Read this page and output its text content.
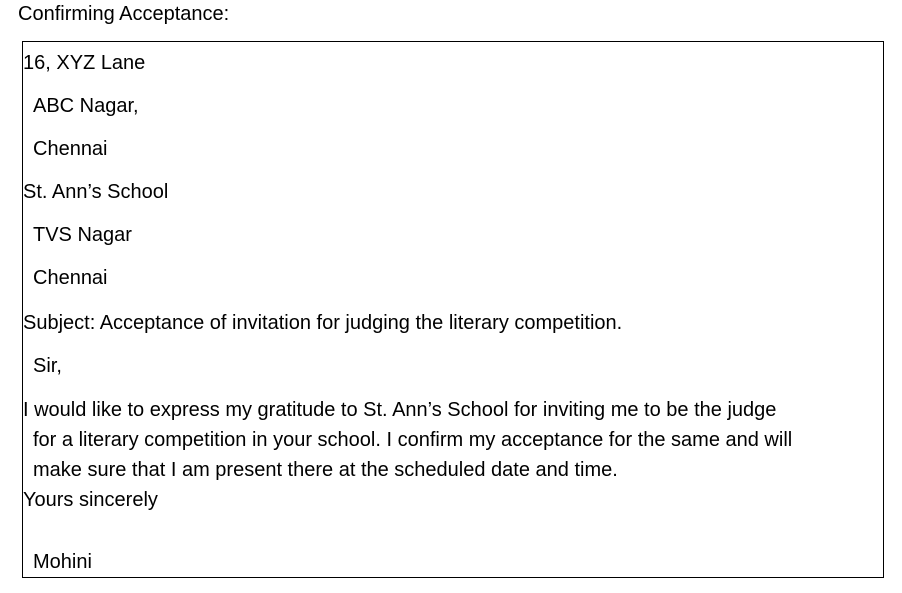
Confirming Acceptance:
16, XYZ Lane
ABC Nagar,
Chennai
St. Ann’s School
TVS Nagar
Chennai
Subject: Acceptance of invitation for judging the literary competition.
Sir,
I would like to express my gratitude to St. Ann’s School for inviting me to be the judge
for a literary competition in your school. I confirm my acceptance for the same and will
make sure that I am present there at the scheduled date and time.
Yours sincerely
Mohini
